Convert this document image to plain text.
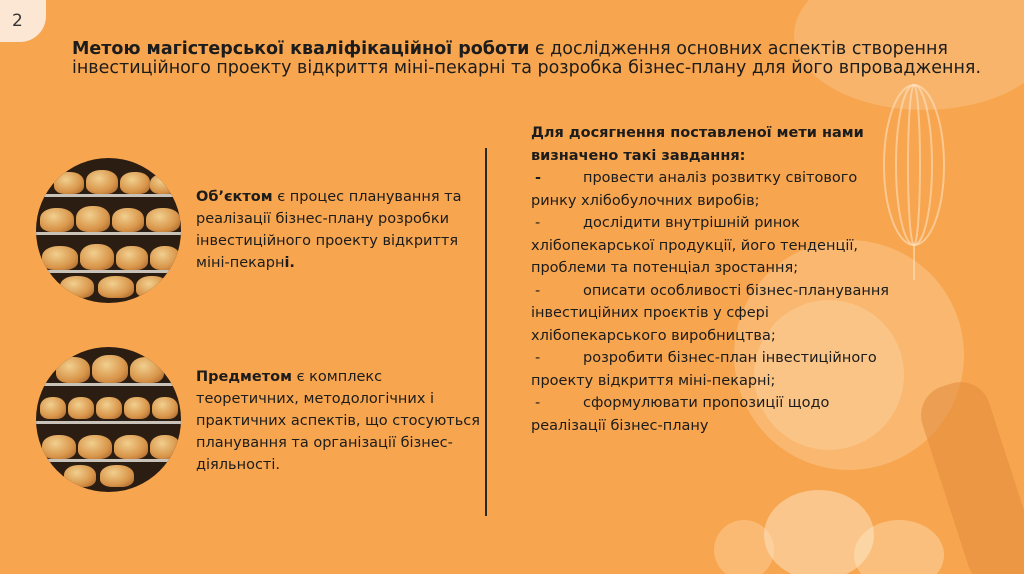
2
Метою магістерської кваліфікаційної роботи є дослідження основних аспектів створення інвестиційного проекту відкриття міні-пекарні та розробка бізнес-плану для його впровадження.
Об’єктом є процес планування та реалізації бізнес-плану розробки інвестиційного проекту відкриття міні-пекарні.
Предметом є комплекс теоретичних, методологічних і практичних аспектів, що стосуються планування та організації бізнес-діяльності.
Для досягнення поставленої мети нами визначено такі завдання:
-	провести аналіз розвитку світового ринку хлібобулочних виробів;
-	дослідити внутрішній ринок хлібопекарської продукції, його тенденції, проблеми та потенціал зростання;
-	описати особливості бізнес-планування інвестиційних проєктів у сфері хлібопекарського виробництва;
-	розробити бізнес-план інвестиційного проекту відкриття міні-пекарні;
-	сформулювати пропозиції щодо реалізації бізнес-плану
